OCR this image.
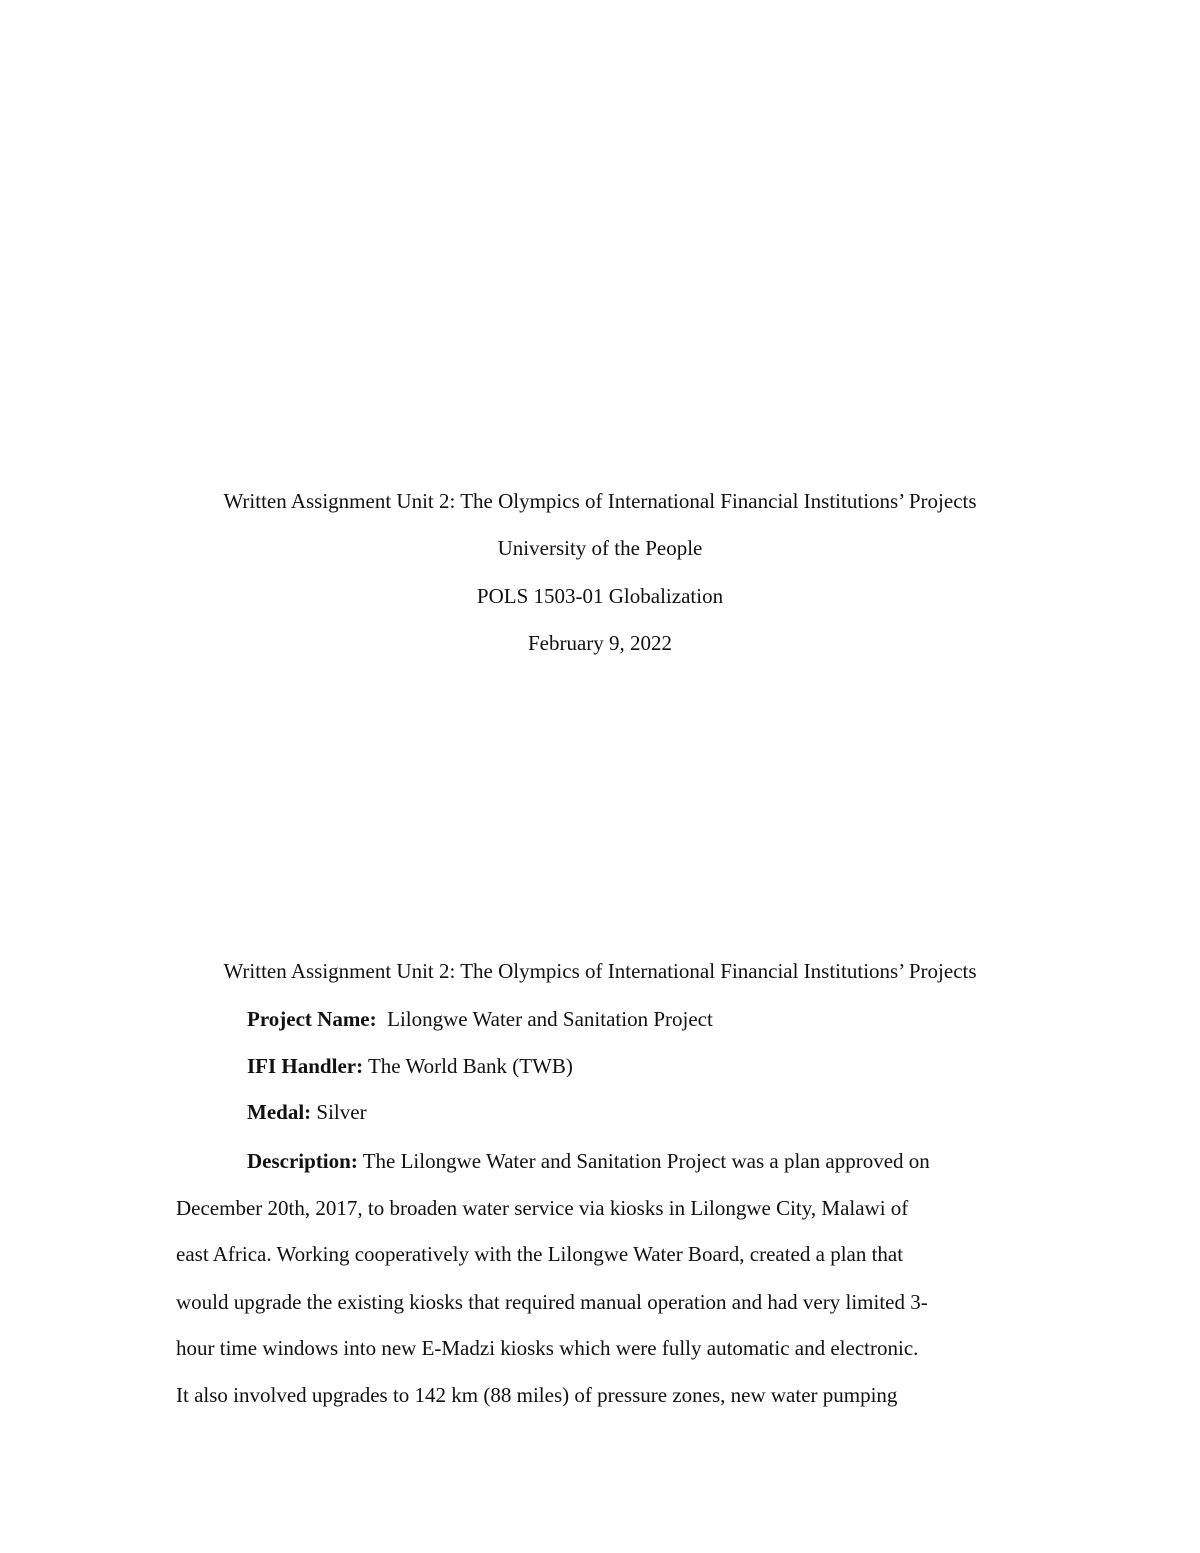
Written Assignment Unit 2: The Olympics of International Financial Institutions’ Projects
University of the People
POLS 1503-01 Globalization
February 9, 2022
Written Assignment Unit 2: The Olympics of International Financial Institutions’ Projects
Project Name:  Lilongwe Water and Sanitation Project
IFI Handler: The World Bank (TWB)
Medal: Silver
Description: The Lilongwe Water and Sanitation Project was a plan approved on
December 20th, 2017, to broaden water service via kiosks in Lilongwe City, Malawi of
east Africa. Working cooperatively with the Lilongwe Water Board, created a plan that
would upgrade the existing kiosks that required manual operation and had very limited 3-
hour time windows into new E-Madzi kiosks which were fully automatic and electronic.
It also involved upgrades to 142 km (88 miles) of pressure zones, new water pumping
